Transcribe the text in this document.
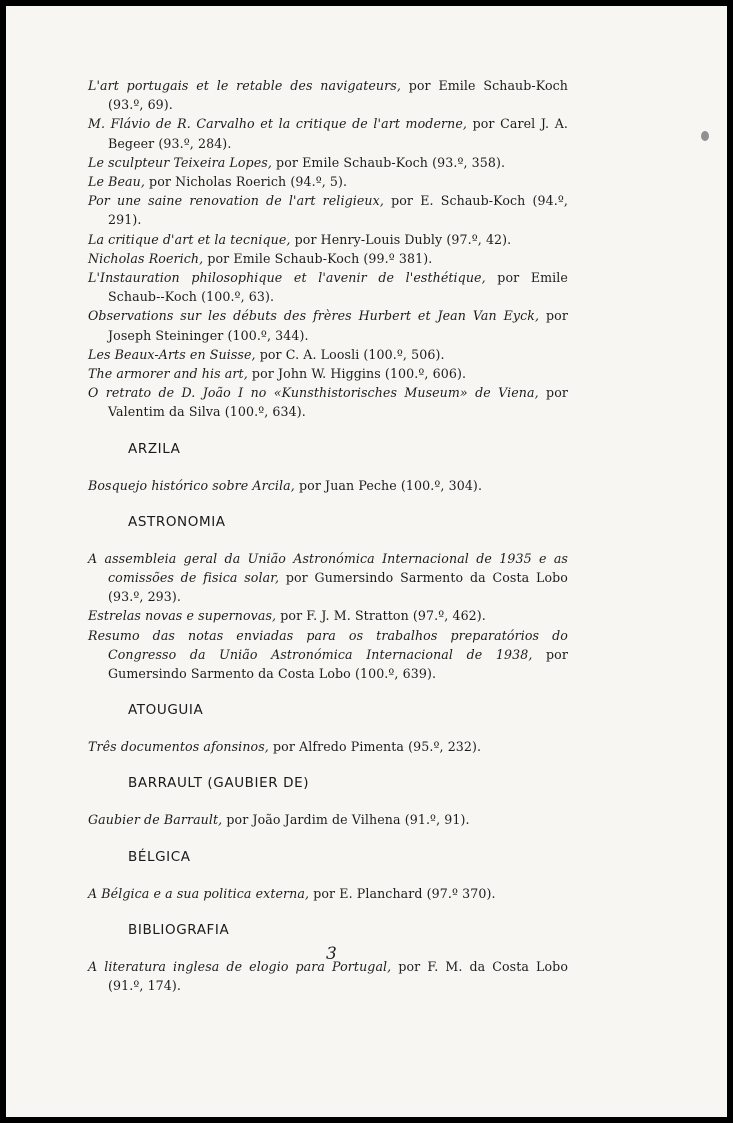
L'art portugais et le retable des navigateurs, por Emile Schaub-Koch (93.º, 69).
M. Flávio de R. Carvalho et la critique de l'art moderne, por Carel J. A. Begeer (93.º, 284).
Le sculpteur Teixeira Lopes, por Emile Schaub-Koch (93.º, 358).
Le Beau, por Nicholas Roerich (94.º, 5).
Por une saine renovation de l'art religieux, por E. Schaub-Koch (94.º, 291).
La critique d'art et la tecnique, por Henry-Louis Dubly (97.º, 42).
Nicholas Roerich, por Emile Schaub-Koch (99.º 381).
L'Instauration philosophique et l'avenir de l'esthétique, por Emile Schaub--Koch (100.º, 63).
Observations sur les débuts des frères Hurbert et Jean Van Eyck, por Joseph Steininger (100.º, 344).
Les Beaux-Arts en Suisse, por C. A. Loosli (100.º, 506).
The armorer and his art, por John W. Higgins (100.º, 606).
O retrato de D. João I no «Kunsthistorisches Museum» de Viena, por Valentim da Silva (100.º, 634).
ARZILA
Bosquejo histórico sobre Arcila, por Juan Peche (100.º, 304).
ASTRONOMIA
A assembleia geral da União Astronómica Internacional de 1935 e as comissões de fisica solar, por Gumersindo Sarmento da Costa Lobo (93.º, 293).
Estrelas novas e supernovas, por F. J. M. Stratton (97.º, 462).
Resumo das notas enviadas para os trabalhos preparatórios do Congresso da União Astronómica Internacional de 1938, por Gumersindo Sarmento da Costa Lobo (100.º, 639).
ATOUGUIA
Três documentos afonsinos, por Alfredo Pimenta (95.º, 232).
BARRAULT (GAUBIER DE)
Gaubier de Barrault, por João Jardim de Vilhena (91.º, 91).
BÉLGICA
A Bélgica e a sua politica externa, por E. Planchard (97.º 370).
BIBLIOGRAFIA
A literatura inglesa de elogio para Portugal, por F. M. da Costa Lobo (91.º, 174).
3
